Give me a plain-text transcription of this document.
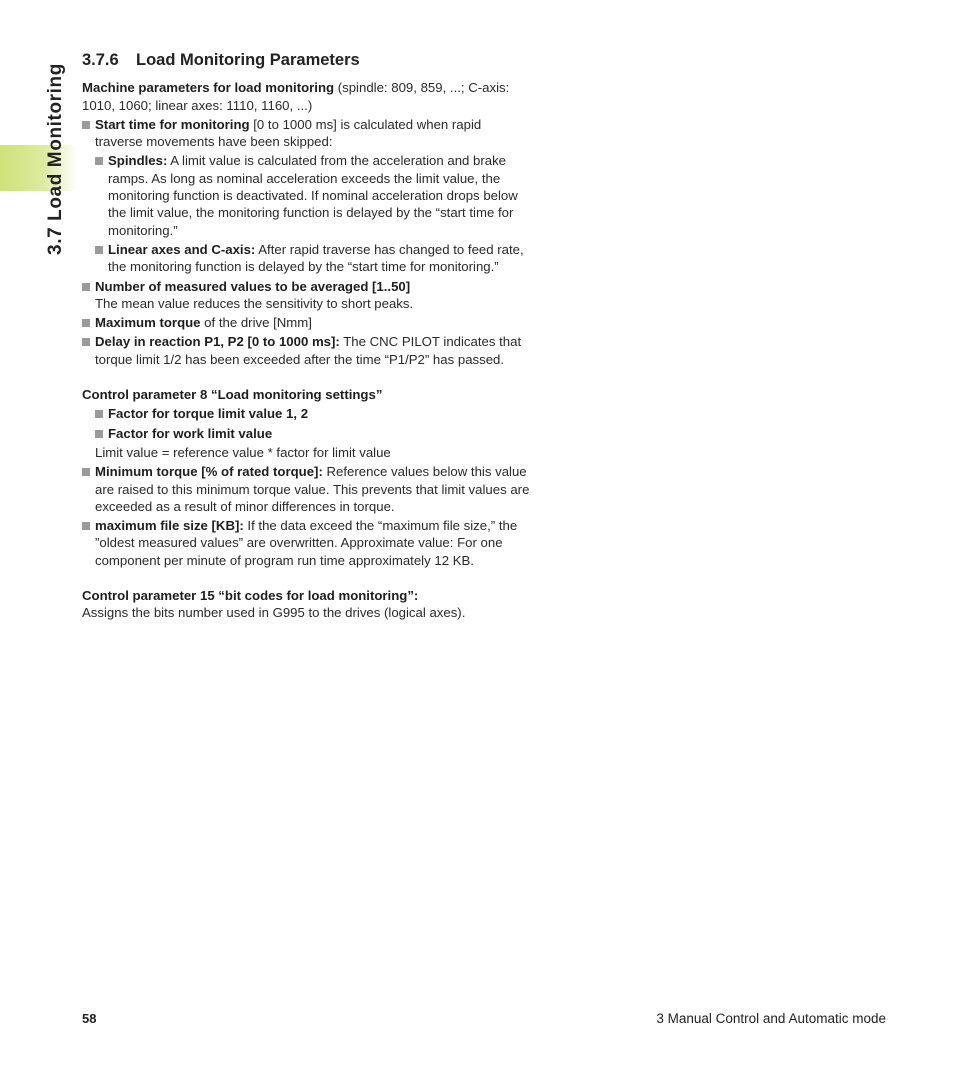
3.7 Load Monitoring
3.7.6 Load Monitoring Parameters

Machine parameters for load monitoring (spindle: 809, 859, ...; C-axis: 1010, 1060; linear axes: 1110, 1160, ...)

Start time for monitoring [0 to 1000 ms] is calculated when rapid traverse movements have been skipped:
Spindles: A limit value is calculated from the acceleration and brake ramps. As long as nominal acceleration exceeds the limit value, the monitoring function is deactivated. If nominal acceleration drops below the limit value, the monitoring function is delayed by the “start time for monitoring.”
Linear axes and C-axis: After rapid traverse has changed to feed rate, the monitoring function is delayed by the “start time for monitoring.”
Number of measured values to be averaged [1..50]
The mean value reduces the sensitivity to short peaks.
Maximum torque of the drive [Nmm]
Delay in reaction P1, P2 [0 to 1000 ms]: The CNC PILOT indicates that torque limit 1/2 has been exceeded after the time “P1/P2” has passed.

Control parameter 8 “Load monitoring settings”

Factor for torque limit value 1, 2
Factor for work limit value

Limit value = reference value * factor for limit value

Minimum torque [% of rated torque]: Reference values below this value are raised to this minimum torque value. This prevents that limit values are exceeded as a result of minor differences in torque.
maximum file size [KB]: If the data exceed the “maximum file size,” the ”oldest measured values” are overwritten. Approximate value: For one component per minute of program run time approximately 12 KB.

Control parameter 15 “bit codes for load monitoring”:

Assigns the bits number used in G995 to the drives (logical axes).

58	3 Manual Control and Automatic mode
